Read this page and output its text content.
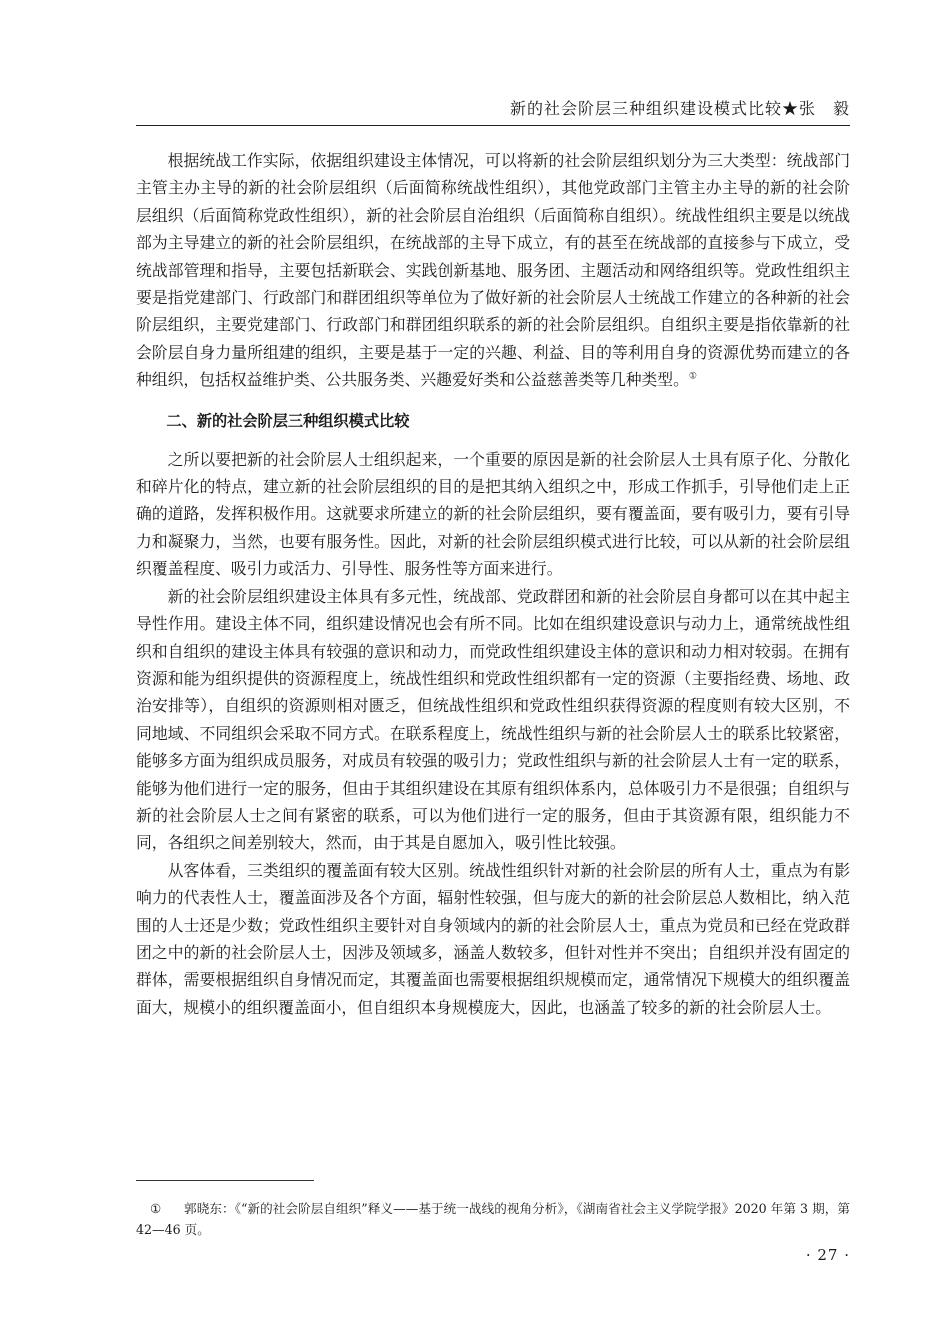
新的社会阶层三种组织建设模式比较★张　毅

根据统战工作实际，依据组织建设主体情况，可以将新的社会阶层组织划分为三大类型：统战部门主管主办主导的新的社会阶层组织（后面简称统战性组织），其他党政部门主管主办主导的新的社会阶层组织（后面简称党政性组织），新的社会阶层自治组织（后面简称自组织）。统战性组织主要是以统战部为主导建立的新的社会阶层组织，在统战部的主导下成立，有的甚至在统战部的直接参与下成立，受统战部管理和指导，主要包括新联会、实践创新基地、服务团、主题活动和网络组织等。党政性组织主要是指党建部门、行政部门和群团组织等单位为了做好新的社会阶层人士统战工作建立的各种新的社会阶层组织，主要党建部门、行政部门和群团组织联系的新的社会阶层组织。自组织主要是指依靠新的社会阶层自身力量所组建的组织，主要是基于一定的兴趣、利益、目的等利用自身的资源优势而建立的各种组织，包括权益维护类、公共服务类、兴趣爱好类和公益慈善类等几种类型。①

二、新的社会阶层三种组织模式比较

之所以要把新的社会阶层人士组织起来，一个重要的原因是新的社会阶层人士具有原子化、分散化和碎片化的特点，建立新的社会阶层组织的目的是把其纳入组织之中，形成工作抓手，引导他们走上正确的道路，发挥积极作用。这就要求所建立的新的社会阶层组织，要有覆盖面，要有吸引力，要有引导力和凝聚力，当然，也要有服务性。因此，对新的社会阶层组织模式进行比较，可以从新的社会阶层组织覆盖程度、吸引力或活力、引导性、服务性等方面来进行。

新的社会阶层组织建设主体具有多元性，统战部、党政群团和新的社会阶层自身都可以在其中起主导性作用。建设主体不同，组织建设情况也会有所不同。比如在组织建设意识与动力上，通常统战性组织和自组织的建设主体具有较强的意识和动力，而党政性组织建设主体的意识和动力相对较弱。在拥有资源和能为组织提供的资源程度上，统战性组织和党政性组织都有一定的资源（主要指经费、场地、政治安排等），自组织的资源则相对匮乏，但统战性组织和党政性组织获得资源的程度则有较大区别，不同地域、不同组织会采取不同方式。在联系程度上，统战性组织与新的社会阶层人士的联系比较紧密，能够多方面为组织成员服务，对成员有较强的吸引力；党政性组织与新的社会阶层人士有一定的联系，能够为他们进行一定的服务，但由于其组织建设在其原有组织体系内，总体吸引力不是很强；自组织与新的社会阶层人士之间有紧密的联系，可以为他们进行一定的服务，但由于其资源有限，组织能力不同，各组织之间差别较大，然而，由于其是自愿加入，吸引性比较强。

从客体看，三类组织的覆盖面有较大区别。统战性组织针对新的社会阶层的所有人士，重点为有影响力的代表性人士，覆盖面涉及各个方面，辐射性较强，但与庞大的新的社会阶层总人数相比，纳入范围的人士还是少数；党政性组织主要针对自身领域内的新的社会阶层人士，重点为党员和已经在党政群团之中的新的社会阶层人士，因涉及领域多，涵盖人数较多，但针对性并不突出；自组织并没有固定的群体，需要根据组织自身情况而定，其覆盖面也需要根据组织规模而定，通常情况下规模大的组织覆盖面大，规模小的组织覆盖面小，但自组织本身规模庞大，因此，也涵盖了较多的新的社会阶层人士。

① 郭晓东：《“新的社会阶层自组织”释义——基于统一战线的视角分析》，《湖南省社会主义学院学报》2020 年第 3 期，第 42—46 页。
· 27 ·
